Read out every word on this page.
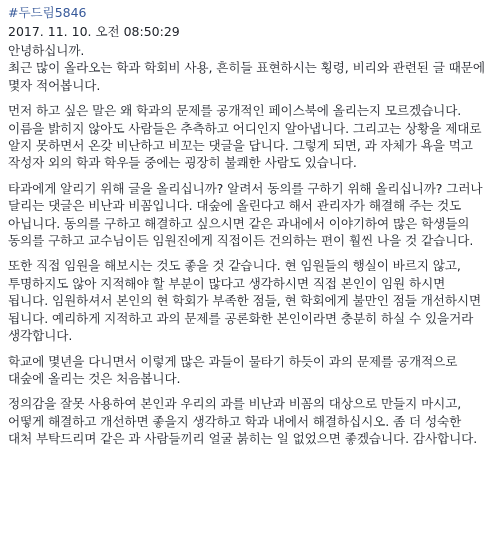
#두드림5846
2017. 11. 10. 오전 08:50:29

안녕하십니까.
최근 많이 올라오는 학과 학회비 사용, 흔히들 표현하시는 횡령, 비리와 관련된 글 때문에 몇자 적어봅니다.

먼저 하고 싶은 말은 왜 학과의 문제를 공개적인 페이스북에 올리는지 모르겠습니다. 이름을 밝히지 않아도 사람들은 추측하고 어디인지 알아냅니다. 그리고는 상황을 제대로 알지 못하면서 온갖 비난하고 비꼬는 댓글을 답니다. 그렇게 되면, 과 자체가 욕을 먹고 작성자 외의 학과 학우들 중에는 굉장히 불쾌한 사람도 있습니다.

타과에게 알리기 위해 글을 올리십니까? 알려서 동의를 구하기 위해 올리십니까? 그러나 달리는 댓글은 비난과 비꼼입니다. 대숲에 올린다고 해서 관리자가 해결해 주는 것도 아닙니다. 동의를 구하고 해결하고 싶으시면 같은 과내에서 이야기하여 많은 학생들의 동의를 구하고 교수님이든 임원진에게 직접이든 건의하는 편이 훨씬 나을 것 같습니다.

또한 직접 임원을 해보시는 것도 좋을 것 같습니다. 현 임원들의 행실이 바르지 않고, 투명하지도 않아 지적해야 할 부분이 많다고 생각하시면 직접 본인이 임원 하시면 됩니다. 임원하셔서 본인의 현 학회가 부족한 점들, 현 학회에게 불만인 점들 개선하시면 됩니다. 예리하게 지적하고 과의 문제를 공론화한 본인이라면 충분히 하실 수 있을거라 생각합니다.

학교에 몇년을 다니면서 이렇게 많은 과들이 물타기 하듯이 과의 문제를 공개적으로 대숲에 올리는 것은 처음봅니다.

정의감을 잘못 사용하여 본인과 우리의 과를 비난과 비꼼의 대상으로 만들지 마시고, 어떻게 해결하고 개선하면 좋을지 생각하고 학과 내에서 해결하십시오. 좀 더 성숙한 대처 부탁드리며 같은 과 사람들끼리 얼굴 붉히는 일 없었으면 좋겠습니다. 감사합니다.
